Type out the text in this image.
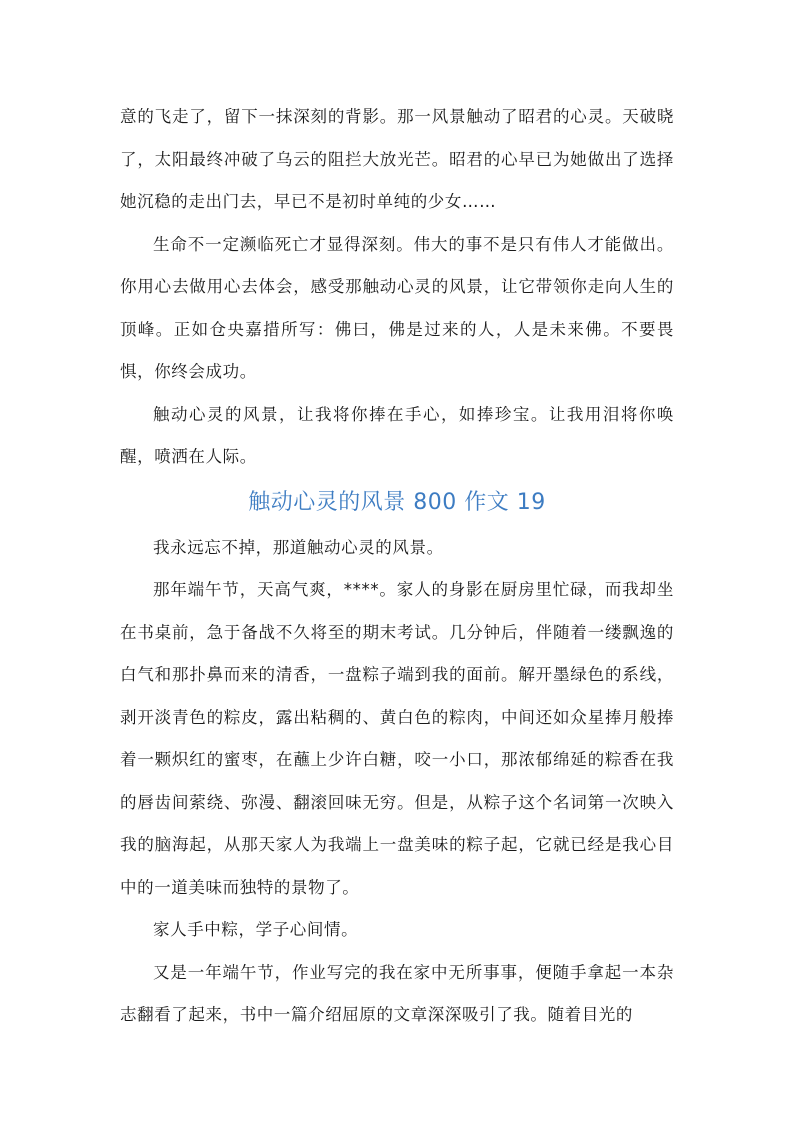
意的飞走了，留下一抹深刻的背影。那一风景触动了昭君的心灵。天破晓了，太阳最终冲破了乌云的阻拦大放光芒。昭君的心早已为她做出了选择她沉稳的走出门去，早已不是初时单纯的少女……

生命不一定濒临死亡才显得深刻。伟大的事不是只有伟人才能做出。你用心去做用心去体会，感受那触动心灵的风景，让它带领你走向人生的顶峰。正如仓央嘉措所写：佛曰，佛是过来的人，人是未来佛。不要畏惧，你终会成功。

触动心灵的风景，让我将你捧在手心，如捧珍宝。让我用泪将你唤醒，喷洒在人际。

触动心灵的风景 800 作文 19

我永远忘不掉，那道触动心灵的风景。

那年端午节，天高气爽，****。家人的身影在厨房里忙碌，而我却坐在书桌前，急于备战不久将至的期末考试。几分钟后，伴随着一缕飘逸的白气和那扑鼻而来的清香，一盘粽子端到我的面前。解开墨绿色的系线，剥开淡青色的粽皮，露出粘稠的、黄白色的粽肉，中间还如众星捧月般捧着一颗炽红的蜜枣，在蘸上少许白糖，咬一小口，那浓郁绵延的粽香在我的唇齿间萦绕、弥漫、翻滚回味无穷。但是，从粽子这个名词第一次映入我的脑海起，从那天家人为我端上一盘美味的粽子起，它就已经是我心目中的一道美味而独特的景物了。

家人手中粽，学子心间情。

又是一年端午节，作业写完的我在家中无所事事，便随手拿起一本杂志翻看了起来，书中一篇介绍屈原的文章深深吸引了我。随着目光的
